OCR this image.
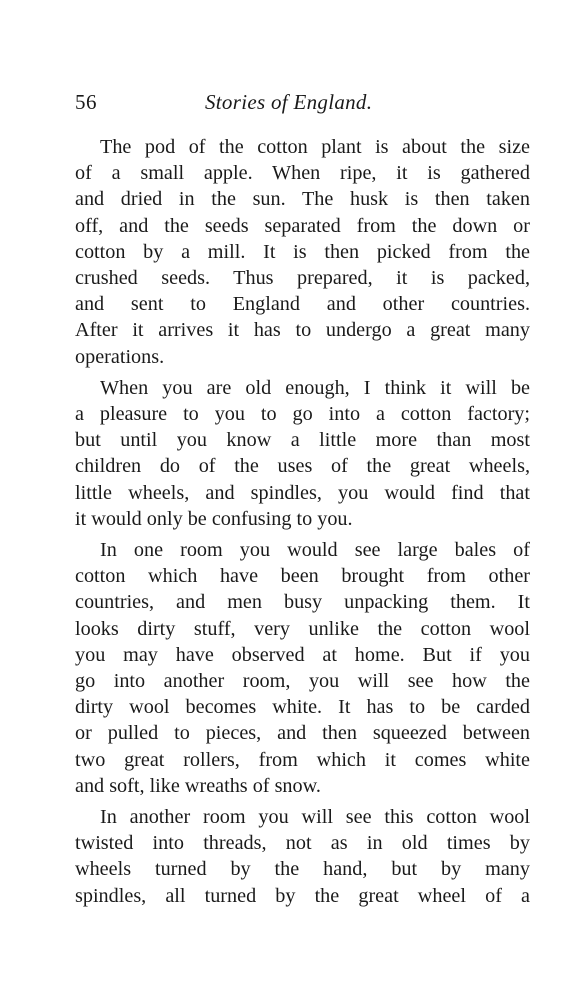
56	Stories of England.

The pod of the cotton plant is about the size
of a small apple. When ripe, it is gathered
and dried in the sun. The husk is then taken
off, and the seeds separated from the down or
cotton by a mill. It is then picked from the
crushed seeds. Thus prepared, it is packed,
and sent to England and other countries.
After it arrives it has to undergo a great many
operations.

When you are old enough, I think it will be
a pleasure to you to go into a cotton factory;
but until you know a little more than most
children do of the uses of the great wheels,
little wheels, and spindles, you would find that
it would only be confusing to you.

In one room you would see large bales of
cotton which have been brought from other
countries, and men busy unpacking them. It
looks dirty stuff, very unlike the cotton wool
you may have observed at home. But if you
go into another room, you will see how the
dirty wool becomes white. It has to be carded
or pulled to pieces, and then squeezed between
two great rollers, from which it comes white
and soft, like wreaths of snow.

In another room you will see this cotton wool
twisted into threads, not as in old times by
wheels turned by the hand, but by many
spindles, all turned by the great wheel of a
